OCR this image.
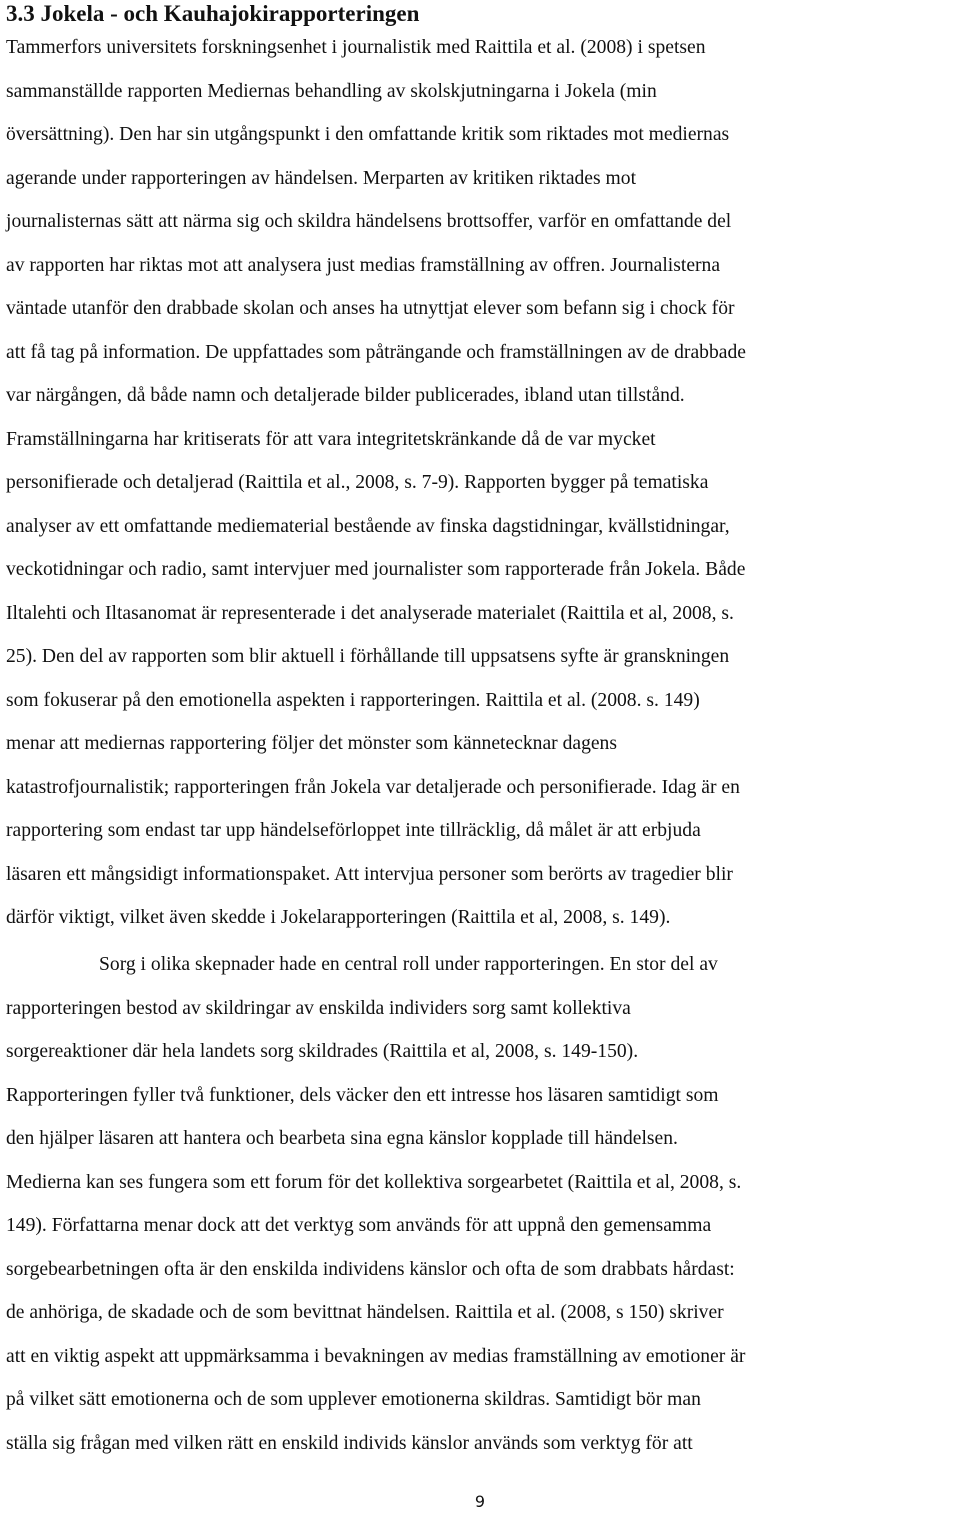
3.3 Jokela - och Kauhajokirapporteringen

Tammerfors universitets forskningsenhet i journalistik med Raittila et al. (2008) i spetsen
sammanställde rapporten Mediernas behandling av skolskjutningarna i Jokela (min
översättning). Den har sin utgångspunkt i den omfattande kritik som riktades mot mediernas
agerande under rapporteringen av händelsen. Merparten av kritiken riktades mot
journalisternas sätt att närma sig och skildra händelsens brottsoffer, varför en omfattande del
av rapporten har riktas mot att analysera just medias framställning av offren. Journalisterna
väntade utanför den drabbade skolan och anses ha utnyttjat elever som befann sig i chock för
att få tag på information. De uppfattades som påträngande och framställningen av de drabbade
var närgången, då både namn och detaljerade bilder publicerades, ibland utan tillstånd.
Framställningarna har kritiserats för att vara integritetskränkande då de var mycket
personifierade och detaljerad (Raittila et al., 2008, s. 7-9). Rapporten bygger på tematiska
analyser av ett omfattande mediematerial bestående av finska dagstidningar, kvällstidningar,
veckotidningar och radio, samt intervjuer med journalister som rapporterade från Jokela. Både
Iltalehti och Iltasanomat är representerade i det analyserade materialet (Raittila et al, 2008, s.
25). Den del av rapporten som blir aktuell i förhållande till uppsatsens syfte är granskningen
som fokuserar på den emotionella aspekten i rapporteringen. Raittila et al. (2008. s. 149)
menar att mediernas rapportering följer det mönster som kännetecknar dagens
katastrofjournalistik; rapporteringen från Jokela var detaljerade och personifierade. Idag är en
rapportering som endast tar upp händelseförloppet inte tillräcklig, då målet är att erbjuda
läsaren ett mångsidigt informationspaket. Att intervjua personer som berörts av tragedier blir
därför viktigt, vilket även skedde i Jokelarapporteringen (Raittila et al, 2008, s. 149).

Sorg i olika skepnader hade en central roll under rapporteringen. En stor del av
rapporteringen bestod av skildringar av enskilda individers sorg samt kollektiva
sorgereaktioner där hela landets sorg skildrades (Raittila et al, 2008, s. 149-150).
Rapporteringen fyller två funktioner, dels väcker den ett intresse hos läsaren samtidigt som
den hjälper läsaren att hantera och bearbeta sina egna känslor kopplade till händelsen.
Medierna kan ses fungera som ett forum för det kollektiva sorgearbetet (Raittila et al, 2008, s.
149). Författarna menar dock att det verktyg som används för att uppnå den gemensamma
sorgebearbetningen ofta är den enskilda individens känslor och ofta de som drabbats hårdast:
de anhöriga, de skadade och de som bevittnat händelsen. Raittila et al. (2008, s 150) skriver
att en viktig aspekt att uppmärksamma i bevakningen av medias framställning av emotioner är
på vilket sätt emotionerna och de som upplever emotionerna skildras. Samtidigt bör man
ställa sig frågan med vilken rätt en enskild individs känslor används som verktyg för att

9
